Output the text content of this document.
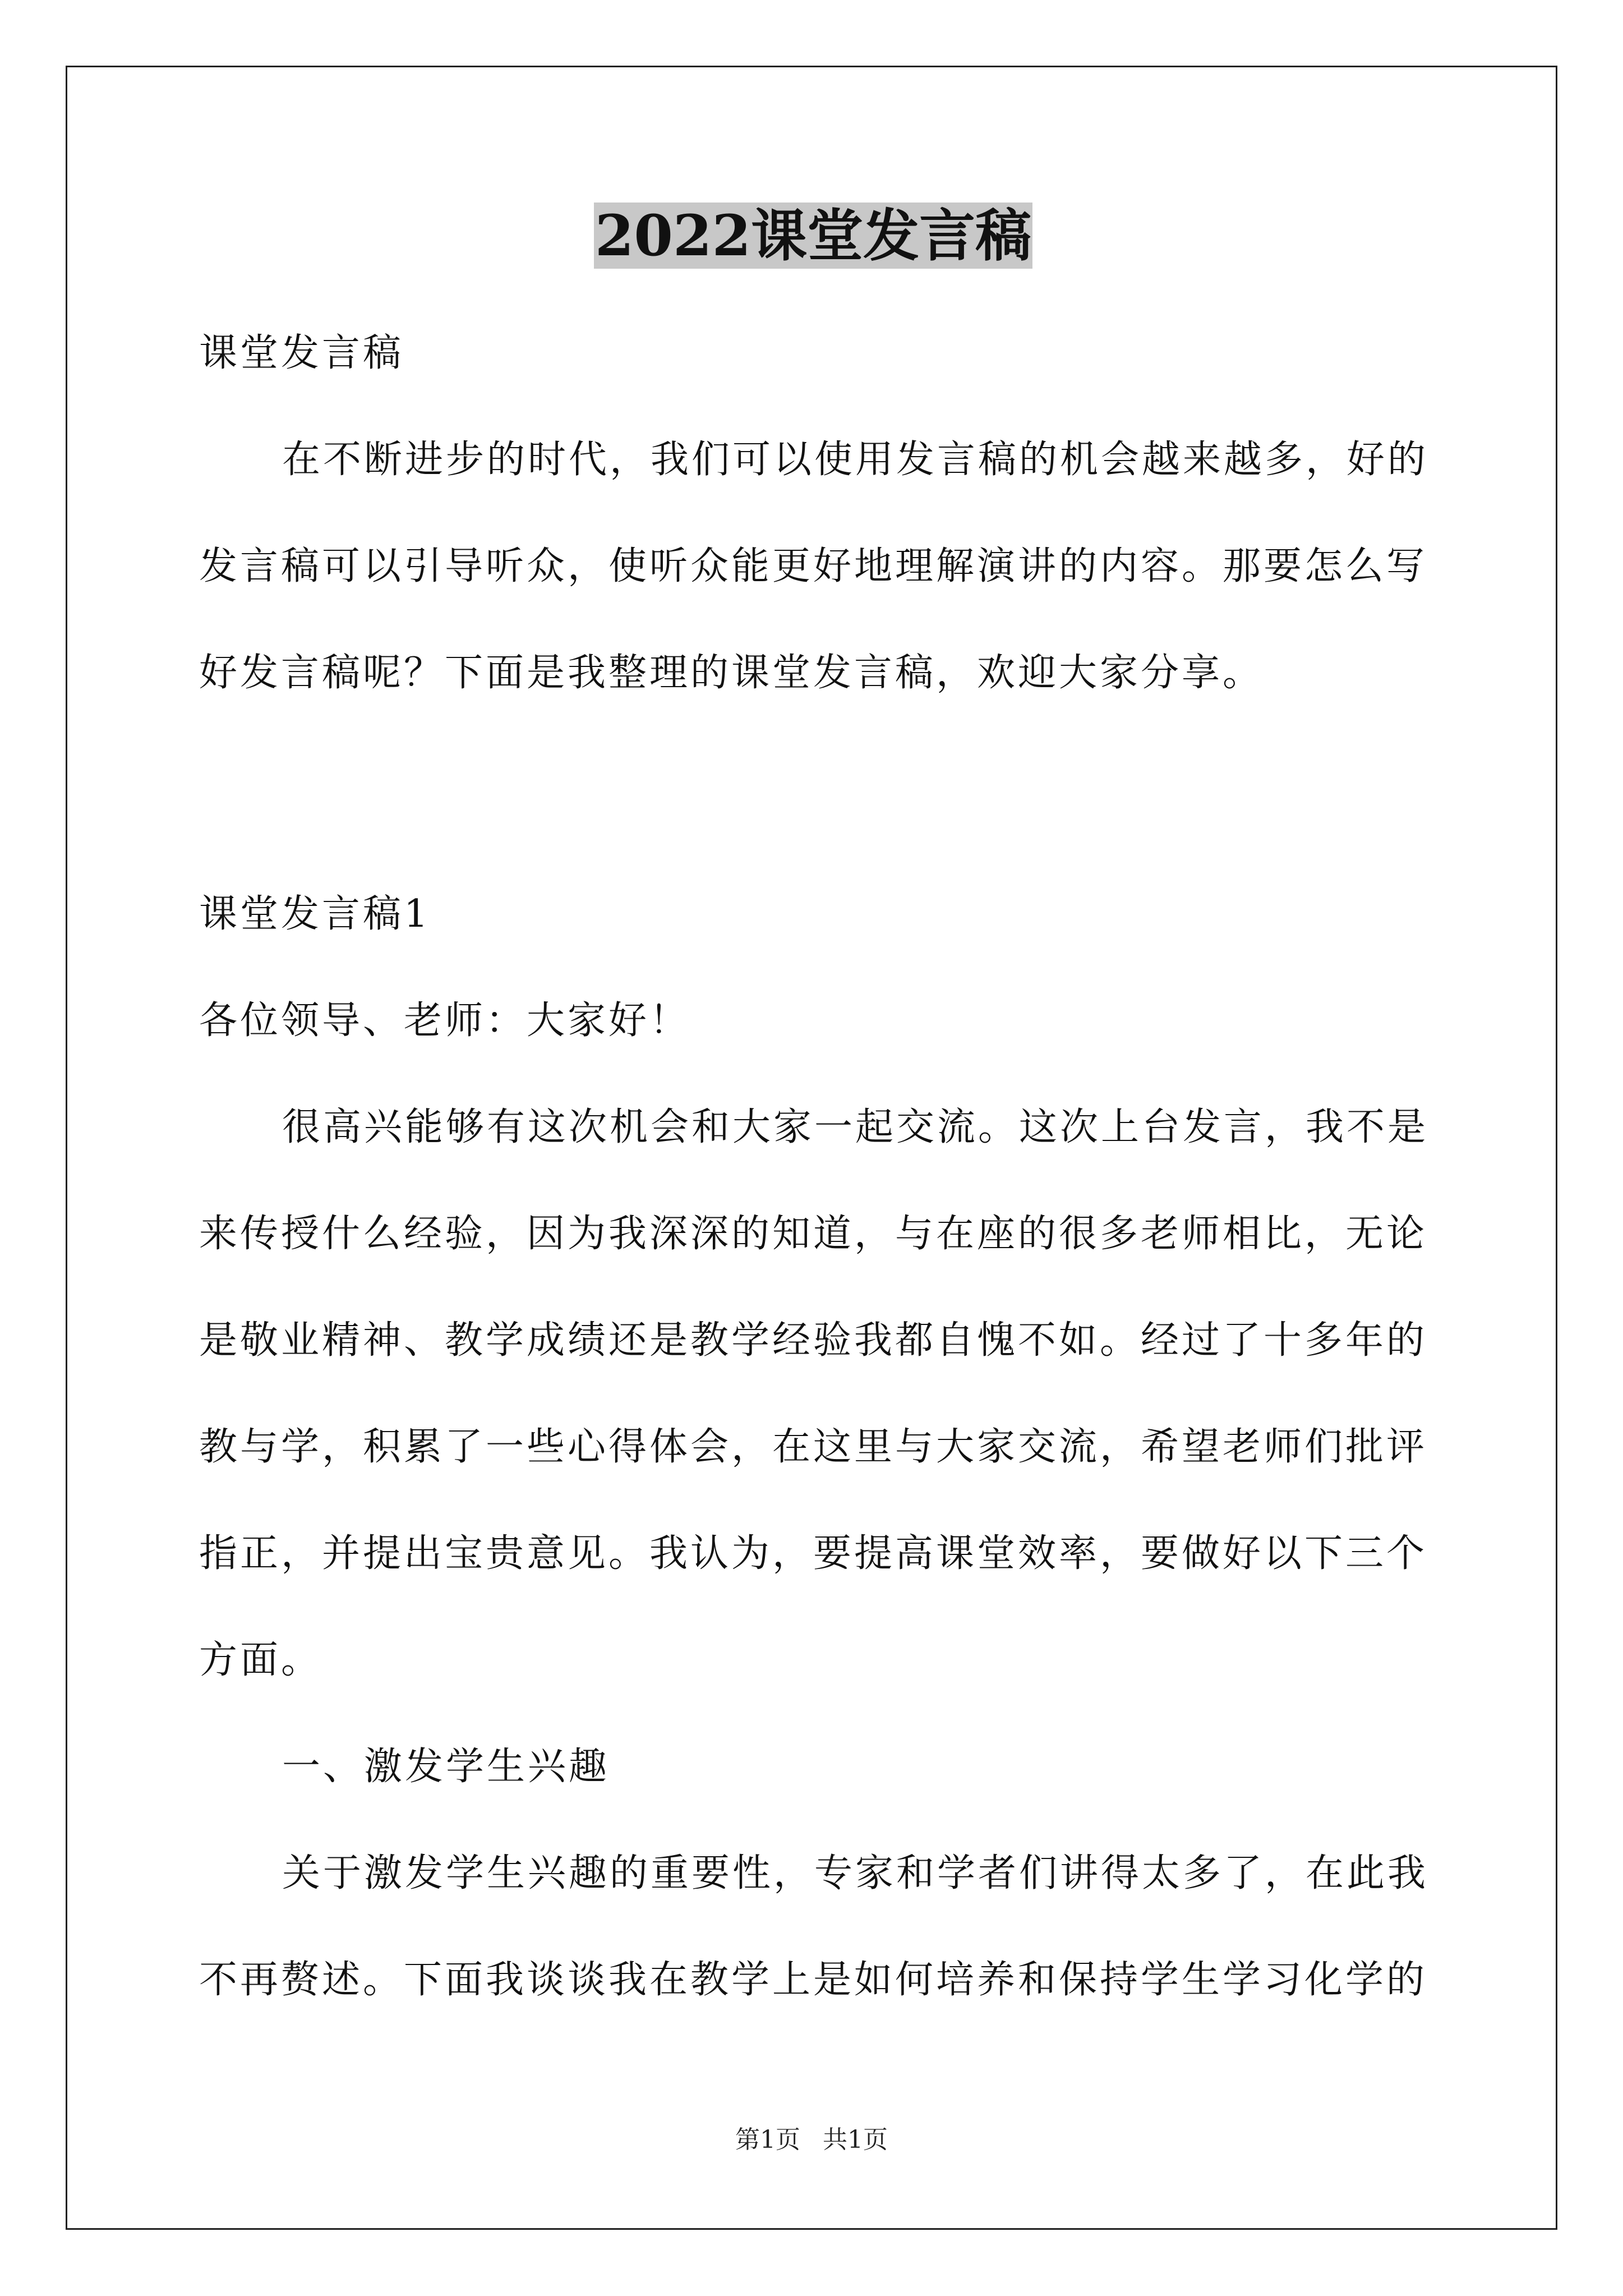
2022课堂发言稿
课堂发言稿
在不断进步的时代，我们可以使用发言稿的机会越来越多，好的
发言稿可以引导听众，使听众能更好地理解演讲的内容。那要怎么写
好发言稿呢？下面是我整理的课堂发言稿，欢迎大家分享。
课堂发言稿1
各位领导、老师：大家好！
很高兴能够有这次机会和大家一起交流。这次上台发言，我不是
来传授什么经验，因为我深深的知道，与在座的很多老师相比，无论
是敬业精神、教学成绩还是教学经验我都自愧不如。经过了十多年的
教与学，积累了一些心得体会，在这里与大家交流，希望老师们批评
指正，并提出宝贵意见。我认为，要提高课堂效率，要做好以下三个
方面。
一、激发学生兴趣
关于激发学生兴趣的重要性，专家和学者们讲得太多了，在此我
不再赘述。下面我谈谈我在教学上是如何培养和保持学生学习化学的
第1页 共1页
